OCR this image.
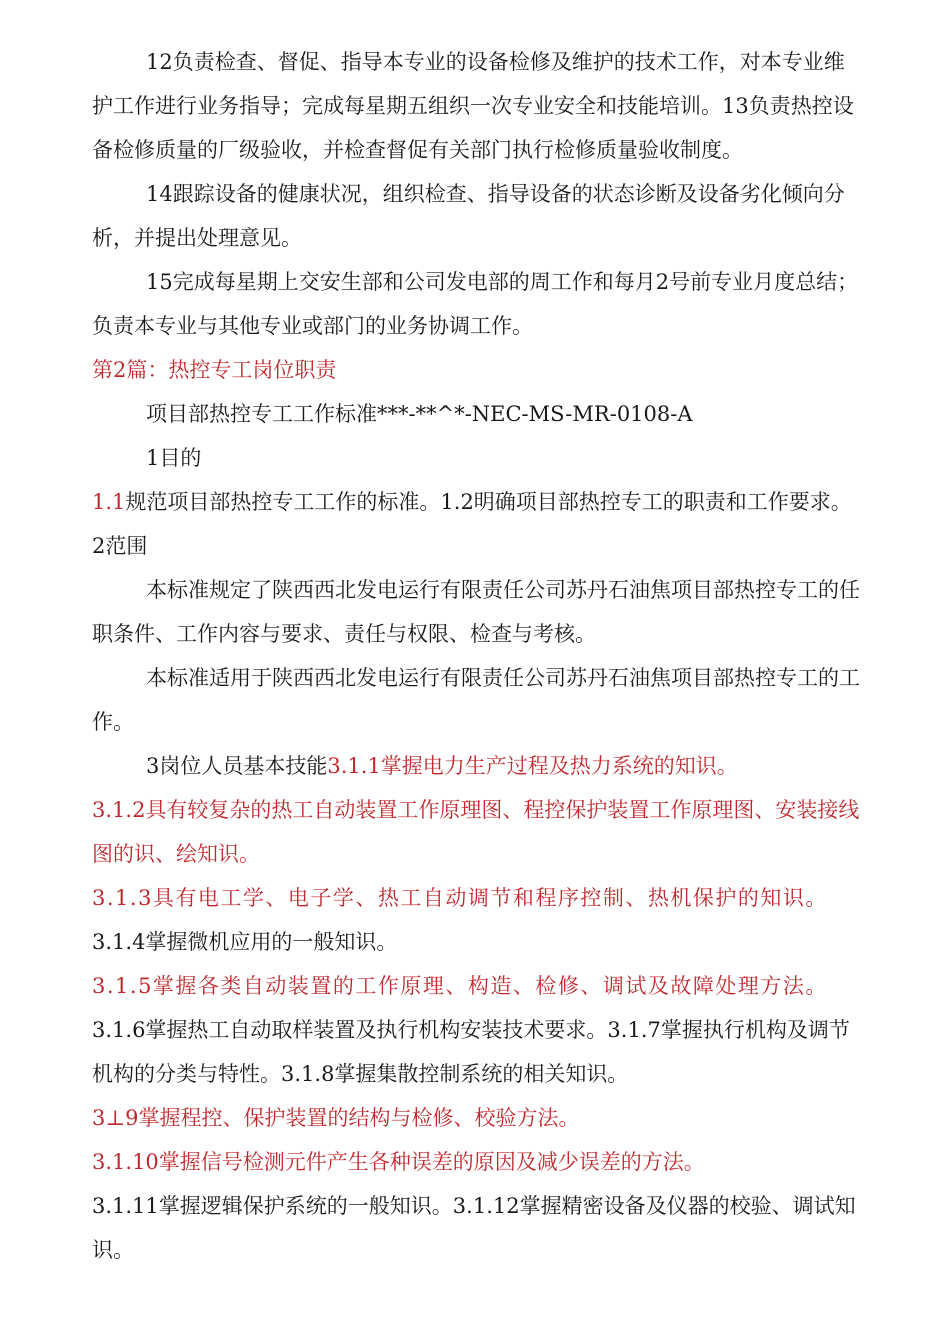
12负责检查、督促、指导本专业的设备检修及维护的技术工作，对本专业维护工作进行业务指导；完成每星期五组织一次专业安全和技能培训。13负责热控设备检修质量的厂级验收，并检查督促有关部门执行检修质量验收制度。

14跟踪设备的健康状况，组织检查、指导设备的状态诊断及设备劣化倾向分析，并提出处理意见。

15完成每星期上交安生部和公司发电部的周工作和每月2号前专业月度总结；负责本专业与其他专业或部门的业务协调工作。

第2篇：热控专工岗位职责

项目部热控专工工作标准***-**^*-NEC-MS-MR-0108-A

1目的

1.1规范项目部热控专工工作的标准。1.2明确项目部热控专工的职责和工作要求。2范围

本标准规定了陕西西北发电运行有限责任公司苏丹石油焦项目部热控专工的任职条件、工作内容与要求、责任与权限、检查与考核。

本标准适用于陕西西北发电运行有限责任公司苏丹石油焦项目部热控专工的工作。

3岗位人员基本技能3.1.1掌握电力生产过程及热力系统的知识。

3.1.2具有较复杂的热工自动装置工作原理图、程控保护装置工作原理图、安装接线图的识、绘知识。

3.1.3具有电工学、电子学、热工自动调节和程序控制、热机保护的知识。

3.1.4掌握微机应用的一般知识。

3.1.5掌握各类自动装置的工作原理、构造、检修、调试及故障处理方法。

3.1.6掌握热工自动取样装置及执行机构安装技术要求。3.1.7掌握执行机构及调节机构的分类与特性。3.1.8掌握集散控制系统的相关知识。

3⊥9掌握程控、保护装置的结构与检修、校验方法。

3.1.10掌握信号检测元件产生各种误差的原因及减少误差的方法。

3.1.11掌握逻辑保护系统的一般知识。3.1.12掌握精密设备及仪器的校验、调试知识。
